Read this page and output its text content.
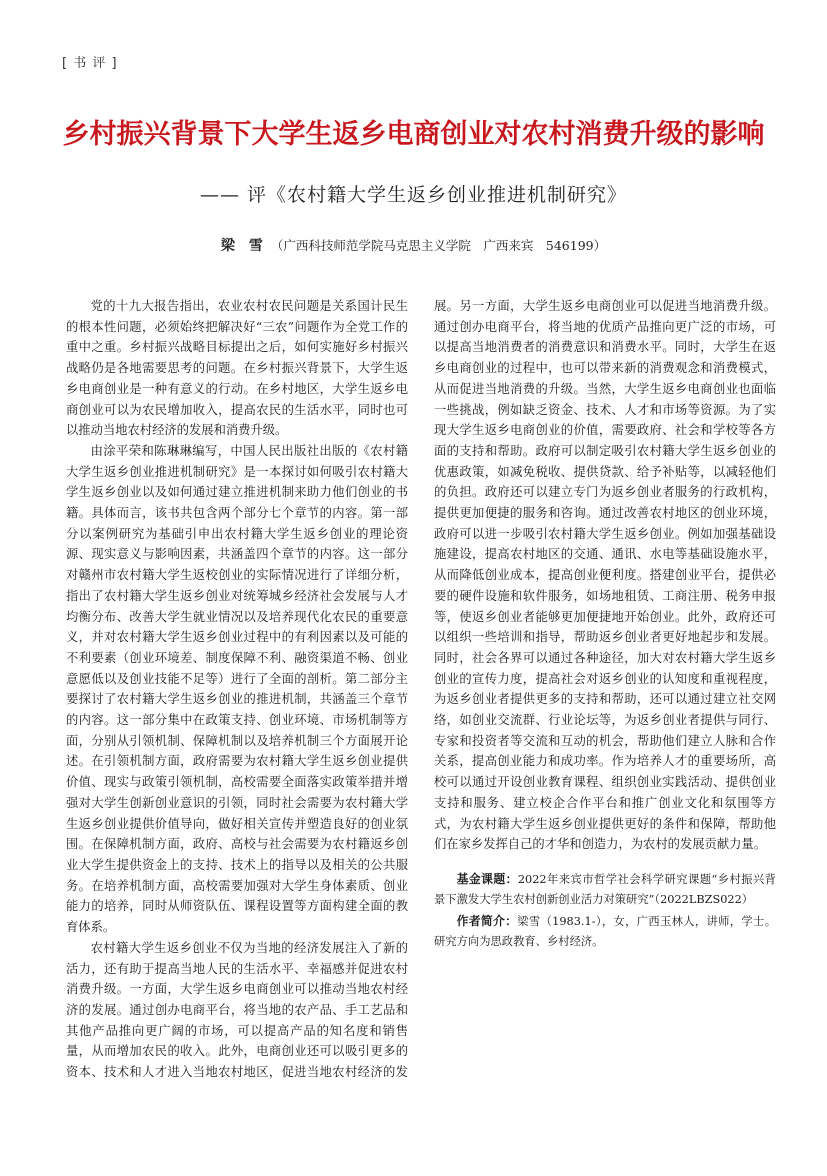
[ 书 评 ]
乡村振兴背景下大学生返乡电商创业对农村消费升级的影响
—— 评《农村籍大学生返乡创业推进机制研究》
梁　雪 （广西科技师范学院马克思主义学院　广西来宾　546199）

党的十九大报告指出，农业农村农民问题是关系国计民生的根本性问题，必须始终把解决好“三农”问题作为全党工作的重中之重。乡村振兴战略目标提出之后，如何实施好乡村振兴战略仍是各地需要思考的问题。在乡村振兴背景下，大学生返乡电商创业是一种有意义的行动。在乡村地区，大学生返乡电商创业可以为农民增加收入，提高农民的生活水平，同时也可以推动当地农村经济的发展和消费升级。

由涂平荣和陈琳琳编写，中国人民出版社出版的《农村籍大学生返乡创业推进机制研究》是一本探讨如何吸引农村籍大学生返乡创业以及如何通过建立推进机制来助力他们创业的书籍。具体而言，该书共包含两个部分七个章节的内容。第一部分以案例研究为基础引申出农村籍大学生返乡创业的理论资源、现实意义与影响因素，共涵盖四个章节的内容。这一部分对赣州市农村籍大学生返校创业的实际情况进行了详细分析，指出了农村籍大学生返乡创业对统筹城乡经济社会发展与人才均衡分布、改善大学生就业情况以及培养现代化农民的重要意义，并对农村籍大学生返乡创业过程中的有利因素以及可能的不利要素（创业环境差、制度保障不利、融资渠道不畅、创业意愿低以及创业技能不足等）进行了全面的剖析。第二部分主要探讨了农村籍大学生返乡创业的推进机制，共涵盖三个章节的内容。这一部分集中在政策支持、创业环境、市场机制等方面，分别从引领机制、保障机制以及培养机制三个方面展开论述。在引领机制方面，政府需要为农村籍大学生返乡创业提供价值、现实与政策引领机制，高校需要全面落实政策举措并增强对大学生创新创业意识的引领，同时社会需要为农村籍大学生返乡创业提供价值导向，做好相关宣传并塑造良好的创业氛围。在保障机制方面，政府、高校与社会需要为农村籍返乡创业大学生提供资金上的支持、技术上的指导以及相关的公共服务。在培养机制方面，高校需要加强对大学生身体素质、创业能力的培养，同时从师资队伍、课程设置等方面构建全面的教育体系。

农村籍大学生返乡创业不仅为当地的经济发展注入了新的活力，还有助于提高当地人民的生活水平、幸福感并促进农村消费升级。一方面，大学生返乡电商创业可以推动当地农村经济的发展。通过创办电商平台，将当地的农产品、手工艺品和其他产品推向更广阔的市场，可以提高产品的知名度和销售量，从而增加农民的收入。此外，电商创业还可以吸引更多的资本、技术和人才进入当地农村地区，促进当地农村经济的发展。另一方面，大学生返乡电商创业可以促进当地消费升级。通过创办电商平台，将当地的优质产品推向更广泛的市场，可以提高当地消费者的消费意识和消费水平。同时，大学生在返乡电商创业的过程中，也可以带来新的消费观念和消费模式，从而促进当地消费的升级。当然，大学生返乡电商创业也面临一些挑战，例如缺乏资金、技术、人才和市场等资源。为了实现大学生返乡电商创业的价值，需要政府、社会和学校等各方面的支持和帮助。政府可以制定吸引农村籍大学生返乡创业的优惠政策，如减免税收、提供贷款、给予补贴等，以减轻他们的负担。政府还可以建立专门为返乡创业者服务的行政机构，提供更加便捷的服务和咨询。通过改善农村地区的创业环境，政府可以进一步吸引农村籍大学生返乡创业。例如加强基础设施建设，提高农村地区的交通、通讯、水电等基础设施水平，从而降低创业成本，提高创业便利度。搭建创业平台，提供必要的硬件设施和软件服务，如场地租赁、工商注册、税务申报等，使返乡创业者能够更加便捷地开始创业。此外，政府还可以组织一些培训和指导，帮助返乡创业者更好地起步和发展。同时，社会各界可以通过各种途径，加大对农村籍大学生返乡创业的宣传力度，提高社会对返乡创业的认知度和重视程度，为返乡创业者提供更多的支持和帮助，还可以通过建立社交网络，如创业交流群、行业论坛等，为返乡创业者提供与同行、专家和投资者等交流和互动的机会，帮助他们建立人脉和合作关系，提高创业能力和成功率。作为培养人才的重要场所，高校可以通过开设创业教育课程、组织创业实践活动、提供创业支持和服务、建立校企合作平台和推广创业文化和氛围等方式，为农村籍大学生返乡创业提供更好的条件和保障，帮助他们在家乡发挥自己的才华和创造力，为农村的发展贡献力量。

基金课题：2022年来宾市哲学社会科学研究课题“乡村振兴背景下激发大学生农村创新创业活力对策研究”（2022LBZS022）

作者简介：梁雪（1983.1-），女，广西玉林人，讲师，学士。研究方向为思政教育、乡村经济。
